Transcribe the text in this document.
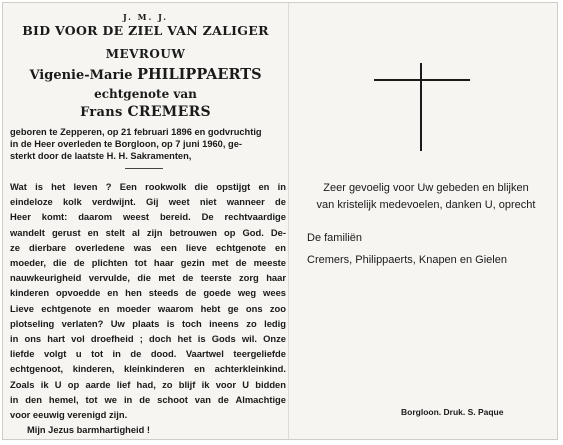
J. M. J.
BID VOOR DE ZIEL VAN ZALIGER
MEVROUW
Vigenie-Marie PHILIPPAERTS
echtgenote van
Frans CREMERS
geboren te Zepperen, op 21 februari 1896 en godvruchtig
in de Heer overleden te Borgloon, op 7 juni 1960, ge-
sterkt door de laatste H. H. Sakramenten,
Wat is het leven ? Een rookwolk die opstijgt en in
eindeloze kolk verdwijnt. Gij weet niet wanneer de
Heer komt: daarom weest bereid. De rechtvaardige
wandelt gerust en stelt al zijn betrouwen op God. De-
ze dierbare overledene was een lieve echtgenote en
moeder, die de plichten tot haar gezin met de meeste
nauwkeurigheid vervulde, die met de teerste zorg haar
kinderen opvoedde en hen steeds de goede weg wees
Lieve echtgenote en moeder waarom hebt ge ons zoo
plotseling verlaten? Uw plaats is toch ineens zo ledig
in ons hart vol droefheid ; doch het is Gods wil. Onze
liefde volgt u tot in de dood. Vaartwel teergeliefde
echtgenoot, kinderen, kleinkinderen en achterkleinkind.
Zoals ik U op aarde lief had, zo blijf ik voor U bidden
in den hemel, tot we in de schoot van de Almachtige
voor eeuwig verenigd zijn.
Mijn Jezus barmhartigheid !
Zeer gevoelig voor Uw gebeden en blijken
van kristelijk medevoelen, danken U, oprecht
De familiën
Cremers, Philippaerts, Knapen en Gielen
Borgloon. Druk. S. Paque
